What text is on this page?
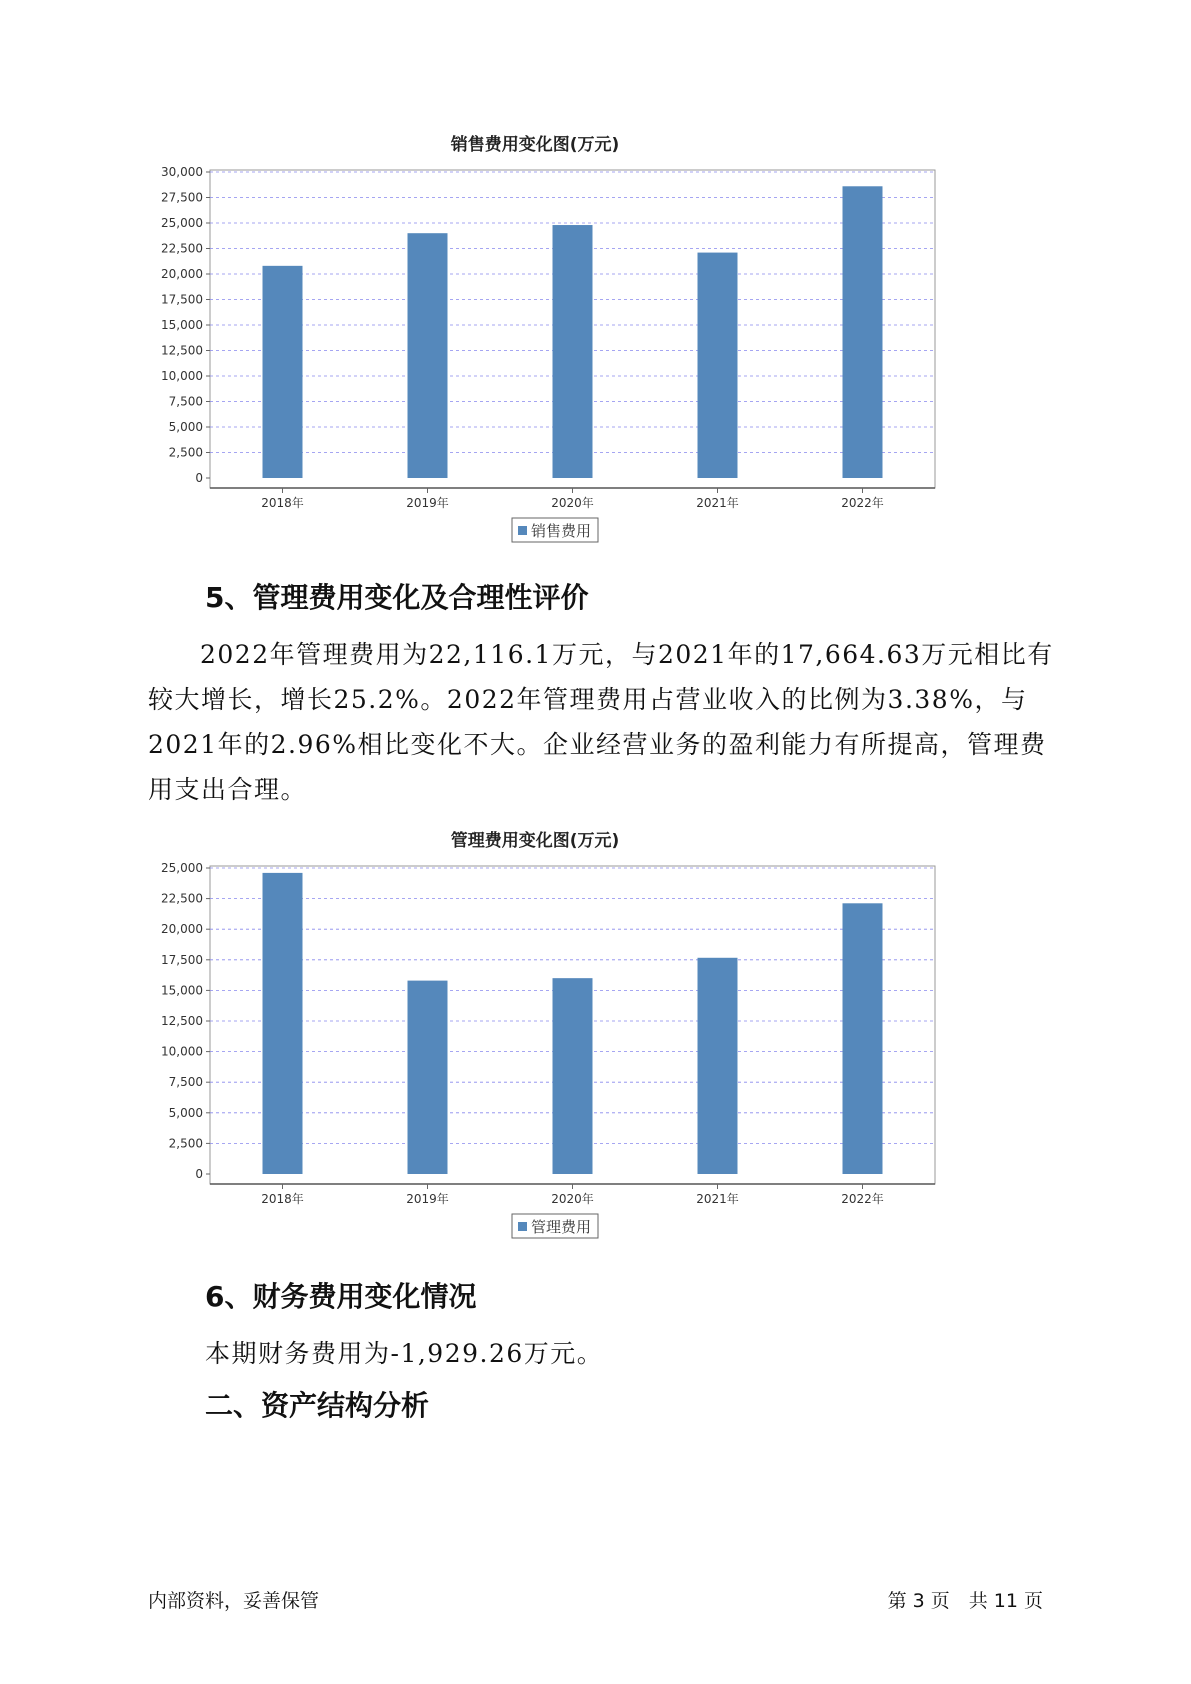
销售费用变化图(万元)
0
2,500
5,000
7,500
10,000
12,500
15,000
17,500
20,000
22,500
25,000
27,500
30,000
2018年	2019年	2020年	2021年	2022年
销售费用
5、管理费用变化及合理性评价
2022年管理费用为22,116.1万元，与2021年的17,664.63万元相比有较大增长，增长25.2%。2022年管理费用占营业收入的比例为3.38%，与2021年的2.96%相比变化不大。企业经营业务的盈利能力有所提高，管理费用支出合理。
管理费用变化图(万元)
0
2,500
5,000
7,500
10,000
12,500
15,000
17,500
20,000
22,500
25,000
2018年	2019年	2020年	2021年	2022年
管理费用
6、财务费用变化情况
本期财务费用为-1,929.26万元。
二、资产结构分析
内部资料，妥善保管	第 3 页　共 11 页
